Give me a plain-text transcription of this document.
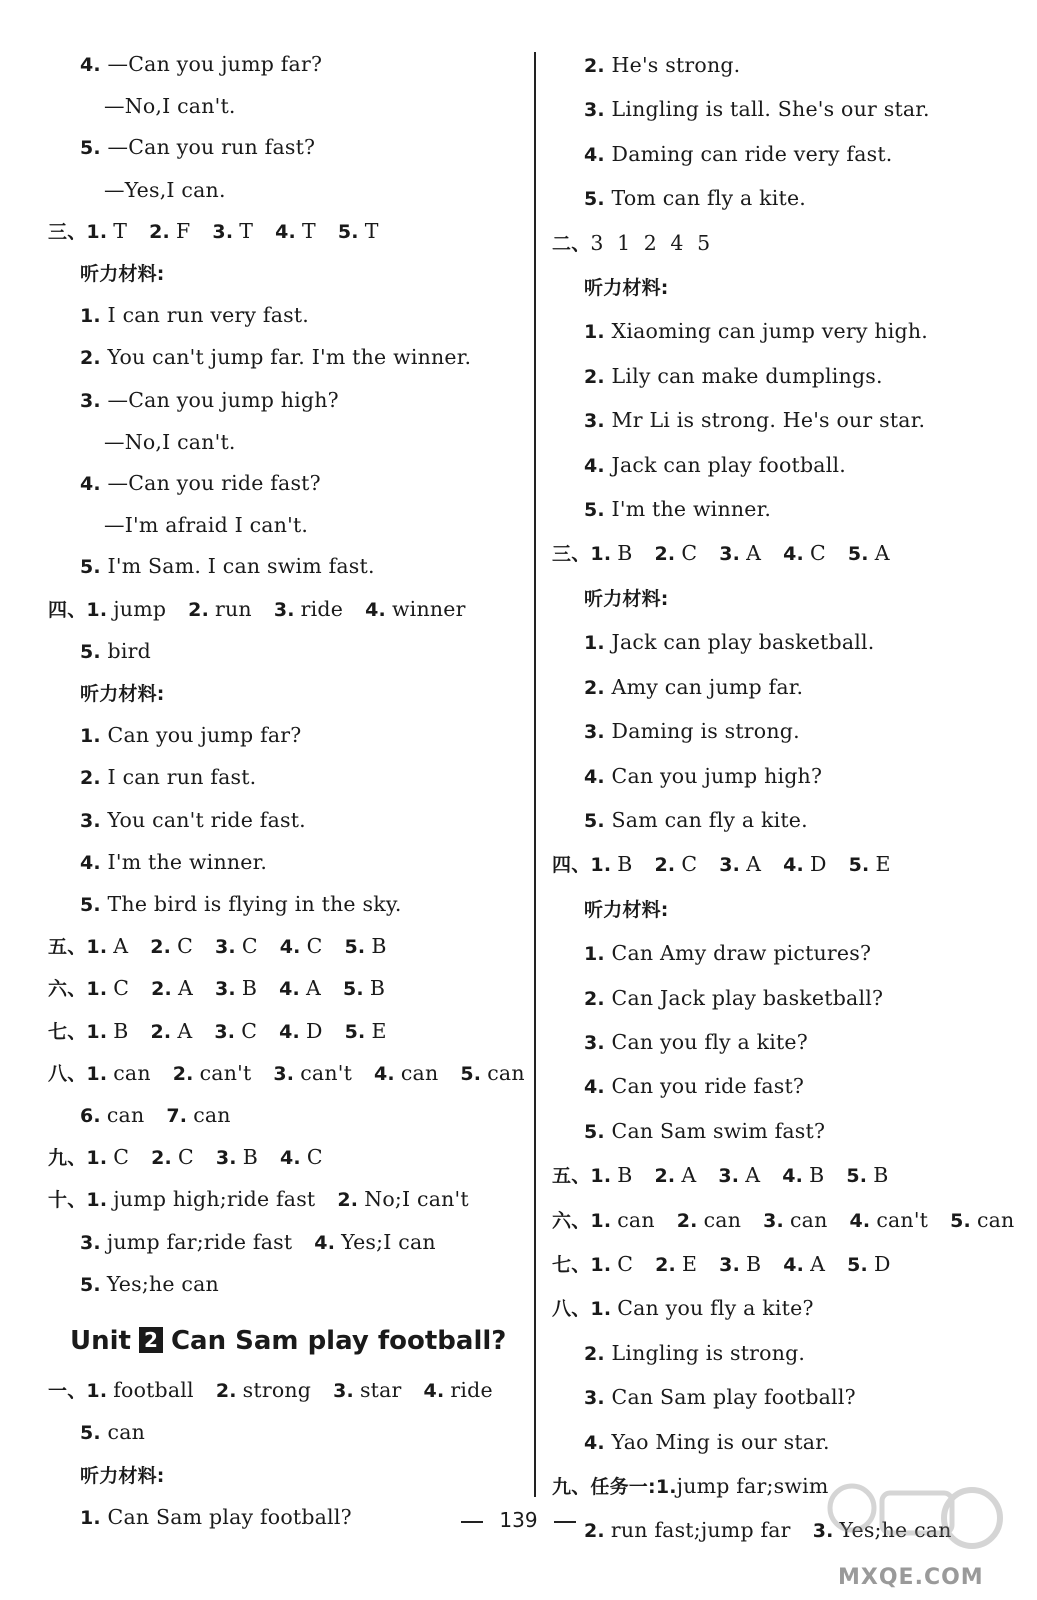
4. —Can you jump far?
—No,I can't.
5. —Can you run fast?
—Yes,I can.
三、1. T 2. F 3. T 4. T 5. T
听力材料:
1. I can run very fast.
2. You can't jump far. I'm the winner.
3. —Can you jump high?
—No,I can't.
4. —Can you ride fast?
—I'm afraid I can't.
5. I'm Sam. I can swim fast.
四、1. jump 2. run 3. ride 4. winner
5. bird
听力材料:
1. Can you jump far?
2. I can run fast.
3. You can't ride fast.
4. I'm the winner.
5. The bird is flying in the sky.
五、1. A 2. C 3. C 4. C 5. B
六、1. C 2. A 3. B 4. A 5. B
七、1. B 2. A 3. C 4. D 5. E
八、1. can 2. can't 3. can't 4. can 5. can
6. can 7. can
九、1. C 2. C 3. B 4. C
十、1. jump high;ride fast 2. No;I can't
3. jump far;ride fast 4. Yes;I can
5. Yes;he can
Unit 2 Can Sam play football?
一、1. football 2. strong 3. star 4. ride
5. can
听力材料:
1. Can Sam play football?
2. He's strong.
3. Lingling is tall. She's our star.
4. Daming can ride very fast.
5. Tom can fly a kite.
二、3  1  2  4  5
听力材料:
1. Xiaoming can jump very high.
2. Lily can make dumplings.
3. Mr Li is strong. He's our star.
4. Jack can play football.
5. I'm the winner.
三、1. B 2. C 3. A 4. C 5. A
听力材料:
1. Jack can play basketball.
2. Amy can jump far.
3. Daming is strong.
4. Can you jump high?
5. Sam can fly a kite.
四、1. B 2. C 3. A 4. D 5. E
听力材料:
1. Can Amy draw pictures?
2. Can Jack play basketball?
3. Can you fly a kite?
4. Can you ride fast?
5. Can Sam swim fast?
五、1. B 2. A 3. A 4. B 5. B
六、1. can 2. can 3. can 4. can't 5. can
七、1. C 2. E 3. B 4. A 5. D
八、1. Can you fly a kite?
2. Lingling is strong.
3. Can Sam play football?
4. Yao Ming is our star.
九、任务一:1.jump far;swim
2. run fast;jump far 3. Yes;he can
139
MXQE.COM
